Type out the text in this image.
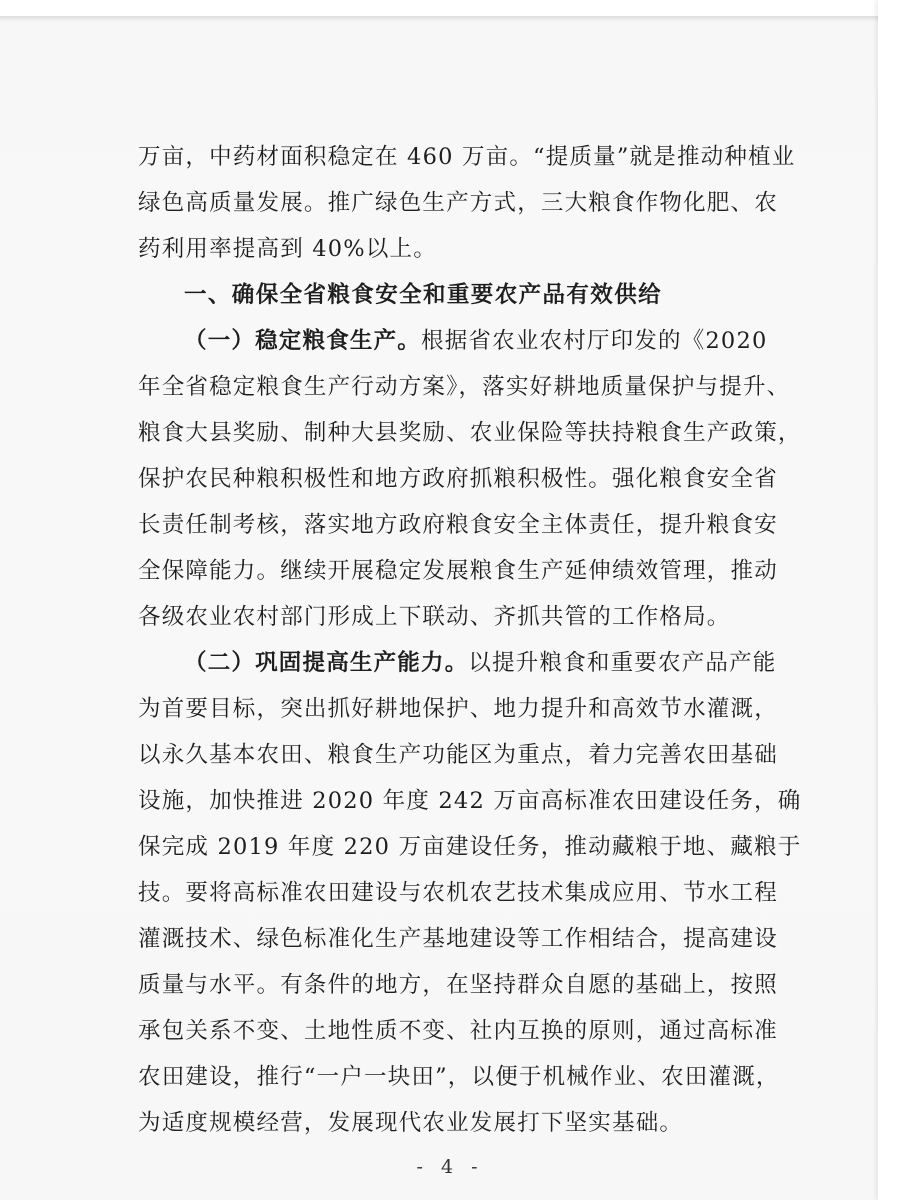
万亩，中药材面积稳定在 460 万亩。“提质量”就是推动种植业
绿色高质量发展。推广绿色生产方式，三大粮食作物化肥、农
药利用率提高到 40%以上。
一、确保全省粮食安全和重要农产品有效供给
（一）稳定粮食生产。根据省农业农村厅印发的《2020
年全省稳定粮食生产行动方案》，落实好耕地质量保护与提升、
粮食大县奖励、制种大县奖励、农业保险等扶持粮食生产政策，
保护农民种粮积极性和地方政府抓粮积极性。强化粮食安全省
长责任制考核，落实地方政府粮食安全主体责任，提升粮食安
全保障能力。继续开展稳定发展粮食生产延伸绩效管理，推动
各级农业农村部门形成上下联动、齐抓共管的工作格局。
（二）巩固提高生产能力。以提升粮食和重要农产品产能
为首要目标，突出抓好耕地保护、地力提升和高效节水灌溉，
以永久基本农田、粮食生产功能区为重点，着力完善农田基础
设施，加快推进 2020 年度 242 万亩高标准农田建设任务，确
保完成 2019 年度 220 万亩建设任务，推动藏粮于地、藏粮于
技。要将高标准农田建设与农机农艺技术集成应用、节水工程
灌溉技术、绿色标准化生产基地建设等工作相结合，提高建设
质量与水平。有条件的地方，在坚持群众自愿的基础上，按照
承包关系不变、土地性质不变、社内互换的原则，通过高标准
农田建设，推行“一户一块田”，以便于机械作业、农田灌溉，
为适度规模经营，发展现代农业发展打下坚实基础。
- 4 -
